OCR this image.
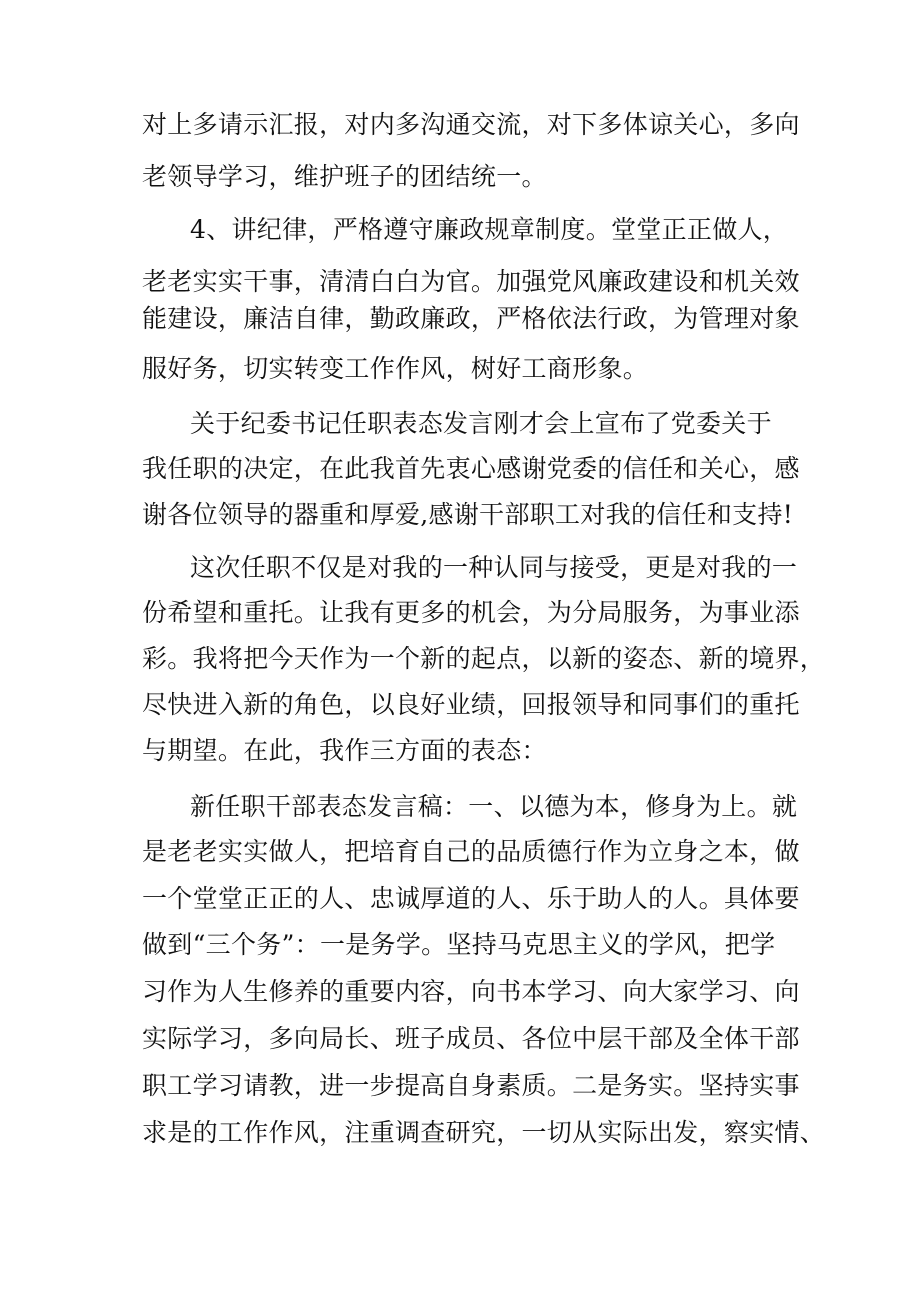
对上多请示汇报，对内多沟通交流，对下多体谅关心，多向
老领导学习，维护班子的团结统一。
4、讲纪律，严格遵守廉政规章制度。堂堂正正做人，
老老实实干事，清清白白为官。加强党风廉政建设和机关效
能建设，廉洁自律，勤政廉政，严格依法行政，为管理对象
服好务，切实转变工作作风，树好工商形象。
关于纪委书记任职表态发言刚才会上宣布了党委关于
我任职的决定，在此我首先衷心感谢党委的信任和关心，感
谢各位领导的器重和厚爱,感谢干部职工对我的信任和支持!
这次任职不仅是对我的一种认同与接受，更是对我的一
份希望和重托。让我有更多的机会，为分局服务，为事业添
彩。我将把今天作为一个新的起点，以新的姿态、新的境界，
尽快进入新的角色，以良好业绩，回报领导和同事们的重托
与期望。在此，我作三方面的表态：
新任职干部表态发言稿：一、以德为本，修身为上。就
是老老实实做人，把培育自己的品质德行作为立身之本，做
一个堂堂正正的人、忠诚厚道的人、乐于助人的人。具体要
做到“三个务”：一是务学。坚持马克思主义的学风，把学
习作为人生修养的重要内容，向书本学习、向大家学习、向
实际学习，多向局长、班子成员、各位中层干部及全体干部
职工学习请教，进一步提高自身素质。二是务实。坚持实事
求是的工作作风，注重调查研究，一切从实际出发，察实情、
